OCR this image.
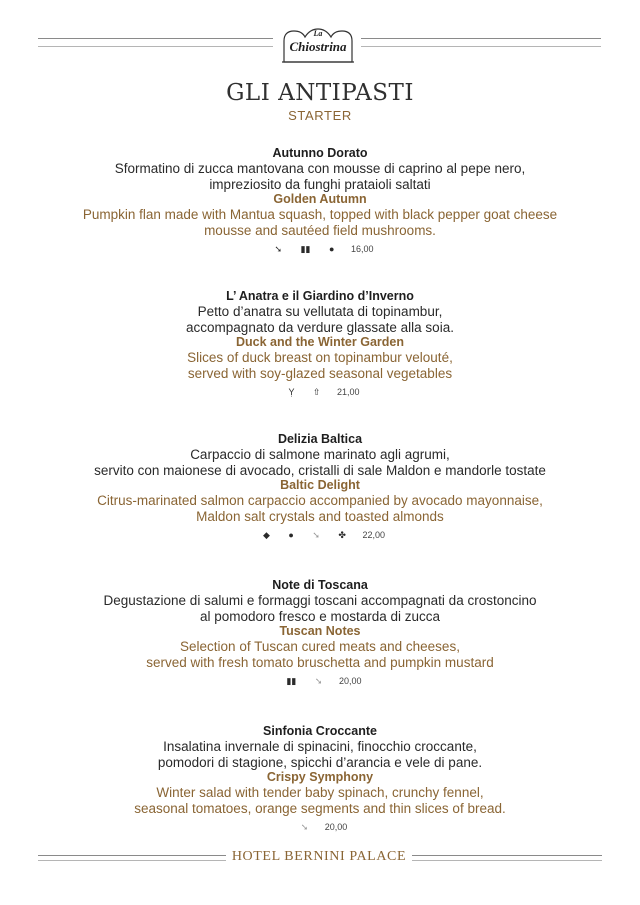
La
Chiostrina
GLI ANTIPASTI
STARTER
Autunno Dorato
Sformatino di zucca mantovana con mousse di caprino al pepe nero,
impreziosito da funghi prataioli saltati
Golden Autumn
Pumpkin flan made with Mantua squash, topped with black pepper goat cheese
mousse and sautéed field mushrooms.
➘ ▮▮ ● 16,00
L’ Anatra e il Giardino d’Inverno
Petto d’anatra su vellutata di topinambur,
accompagnato da verdure glassate alla soia.
Duck and the Winter Garden
Slices of duck breast on topinambur velouté,
served with soy-glazed seasonal vegetables
Ỵ ⇧ 21,00
Delizia Baltica
Carpaccio di salmone marinato agli agrumi,
servito con maionese di avocado, cristalli di sale Maldon e mandorle tostate
Baltic Delight
Citrus-marinated salmon carpaccio accompanied by avocado mayonnaise,
Maldon salt crystals and toasted almonds
◆ ● ➘ ✤ 22,00
Note di Toscana
Degustazione di salumi e formaggi toscani accompagnati da crostoncino
al pomodoro fresco e mostarda di zucca
Tuscan Notes
Selection of Tuscan cured meats and cheeses,
served with fresh tomato bruschetta and pumpkin mustard
▮▮ ➘ 20,00
Sinfonia Croccante
Insalatina invernale di spinacini, finocchio croccante,
pomodori di stagione, spicchi d’arancia e vele di pane.
Crispy Symphony
Winter salad with tender baby spinach, crunchy fennel,
seasonal tomatoes, orange segments and thin slices of bread.
➘ 20,00
HOTEL BERNINI PALACE
